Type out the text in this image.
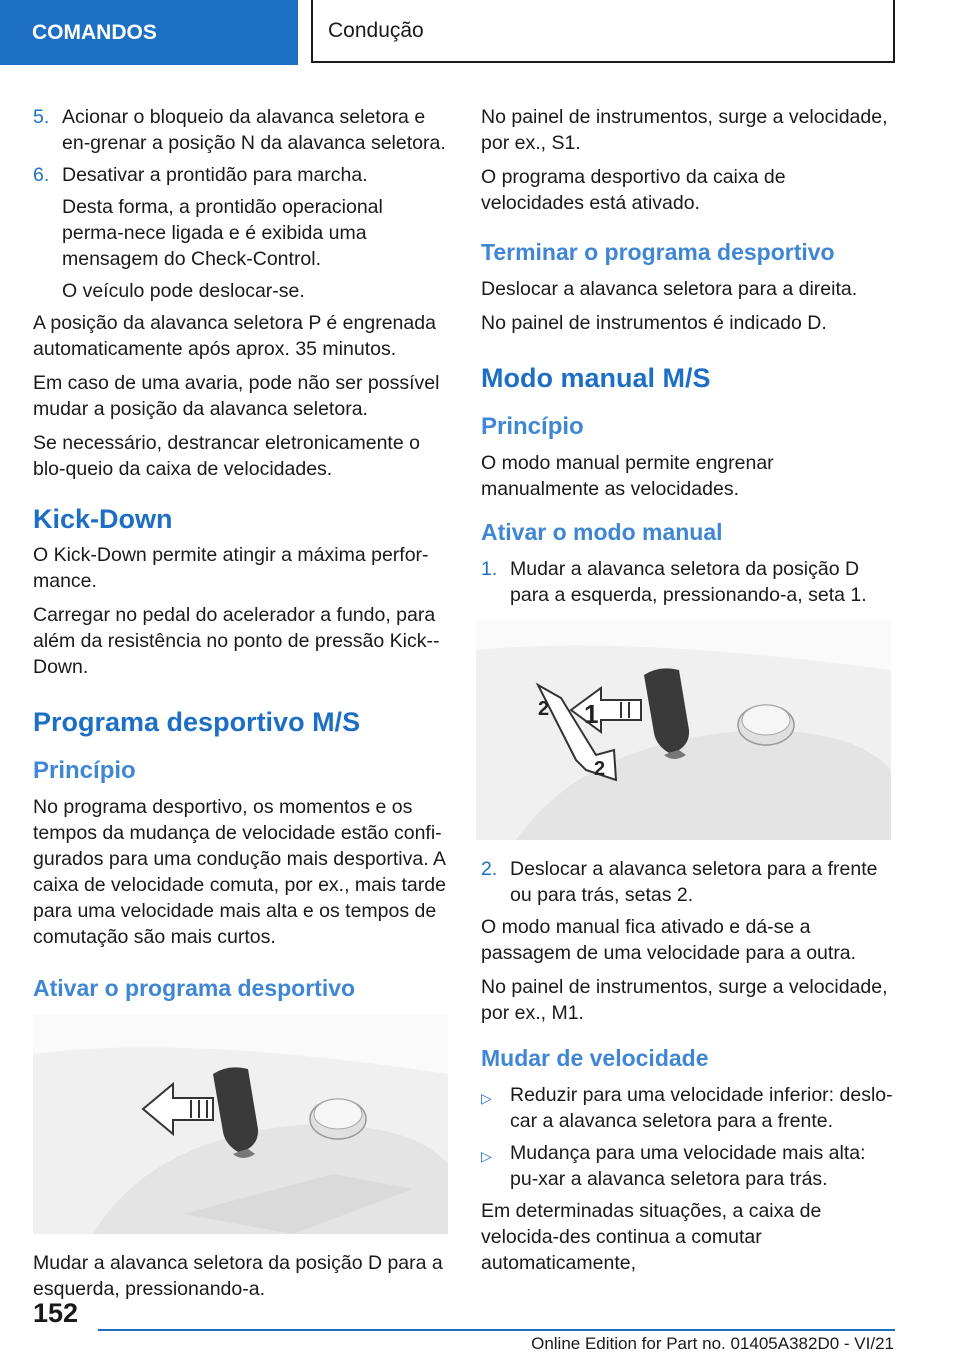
COMANDOS	Condução
5. Acionar o bloqueio da alavanca seletora e en‐grenar a posição N da alavanca seletora.
6. Desativar a prontidão para marcha.
Desta forma, a prontidão operacional perma‐nece ligada e é exibida uma mensagem do Check-Control.
O veículo pode deslocar-se.

A posição da alavanca seletora P é engrenada automaticamente após aprox. 35 minutos.

Em caso de uma avaria, pode não ser possível mudar a posição da alavanca seletora.

Se necessário, destrancar eletronicamente o blo‐queio da caixa de velocidades.

Kick-Down

O Kick-Down permite atingir a máxima perfor‐mance.

Carregar no pedal do acelerador a fundo, para além da resistência no ponto de pressão Kick‐-Down.

Programa desportivo M/S
Princípio

No programa desportivo, os momentos e os tempos da mudança de velocidade estão confi‐gurados para uma condução mais desportiva. A caixa de velocidade comuta, por ex., mais tarde para uma velocidade mais alta e os tempos de comutação são mais curtos.

Ativar o programa desportivo

Mudar a alavanca seletora da posição D para a esquerda, pressionando-a.

No painel de instrumentos, surge a velocidade, por ex., S1.

O programa desportivo da caixa de velocidades está ativado.

Terminar o programa desportivo

Deslocar a alavanca seletora para a direita.

No painel de instrumentos é indicado D.

Modo manual M/S
Princípio

O modo manual permite engrenar manualmente as velocidades.

Ativar o modo manual
1. Mudar a alavanca seletora da posição D para a esquerda, pressionando-a, seta 1.
1
2
2
2. Deslocar a alavanca seletora para a frente ou para trás, setas 2.

O modo manual fica ativado e dá-se a passagem de uma velocidade para a outra.

No painel de instrumentos, surge a velocidade, por ex., M1.

Mudar de velocidade
▷ Reduzir para uma velocidade inferior: deslo‐car a alavanca seletora para a frente.
▷ Mudança para uma velocidade mais alta: pu‐xar a alavanca seletora para trás.

Em determinadas situações, a caixa de velocida‐des continua a comutar automaticamente,

152
Online Edition for Part no. 01405A382D0 - VI/21
